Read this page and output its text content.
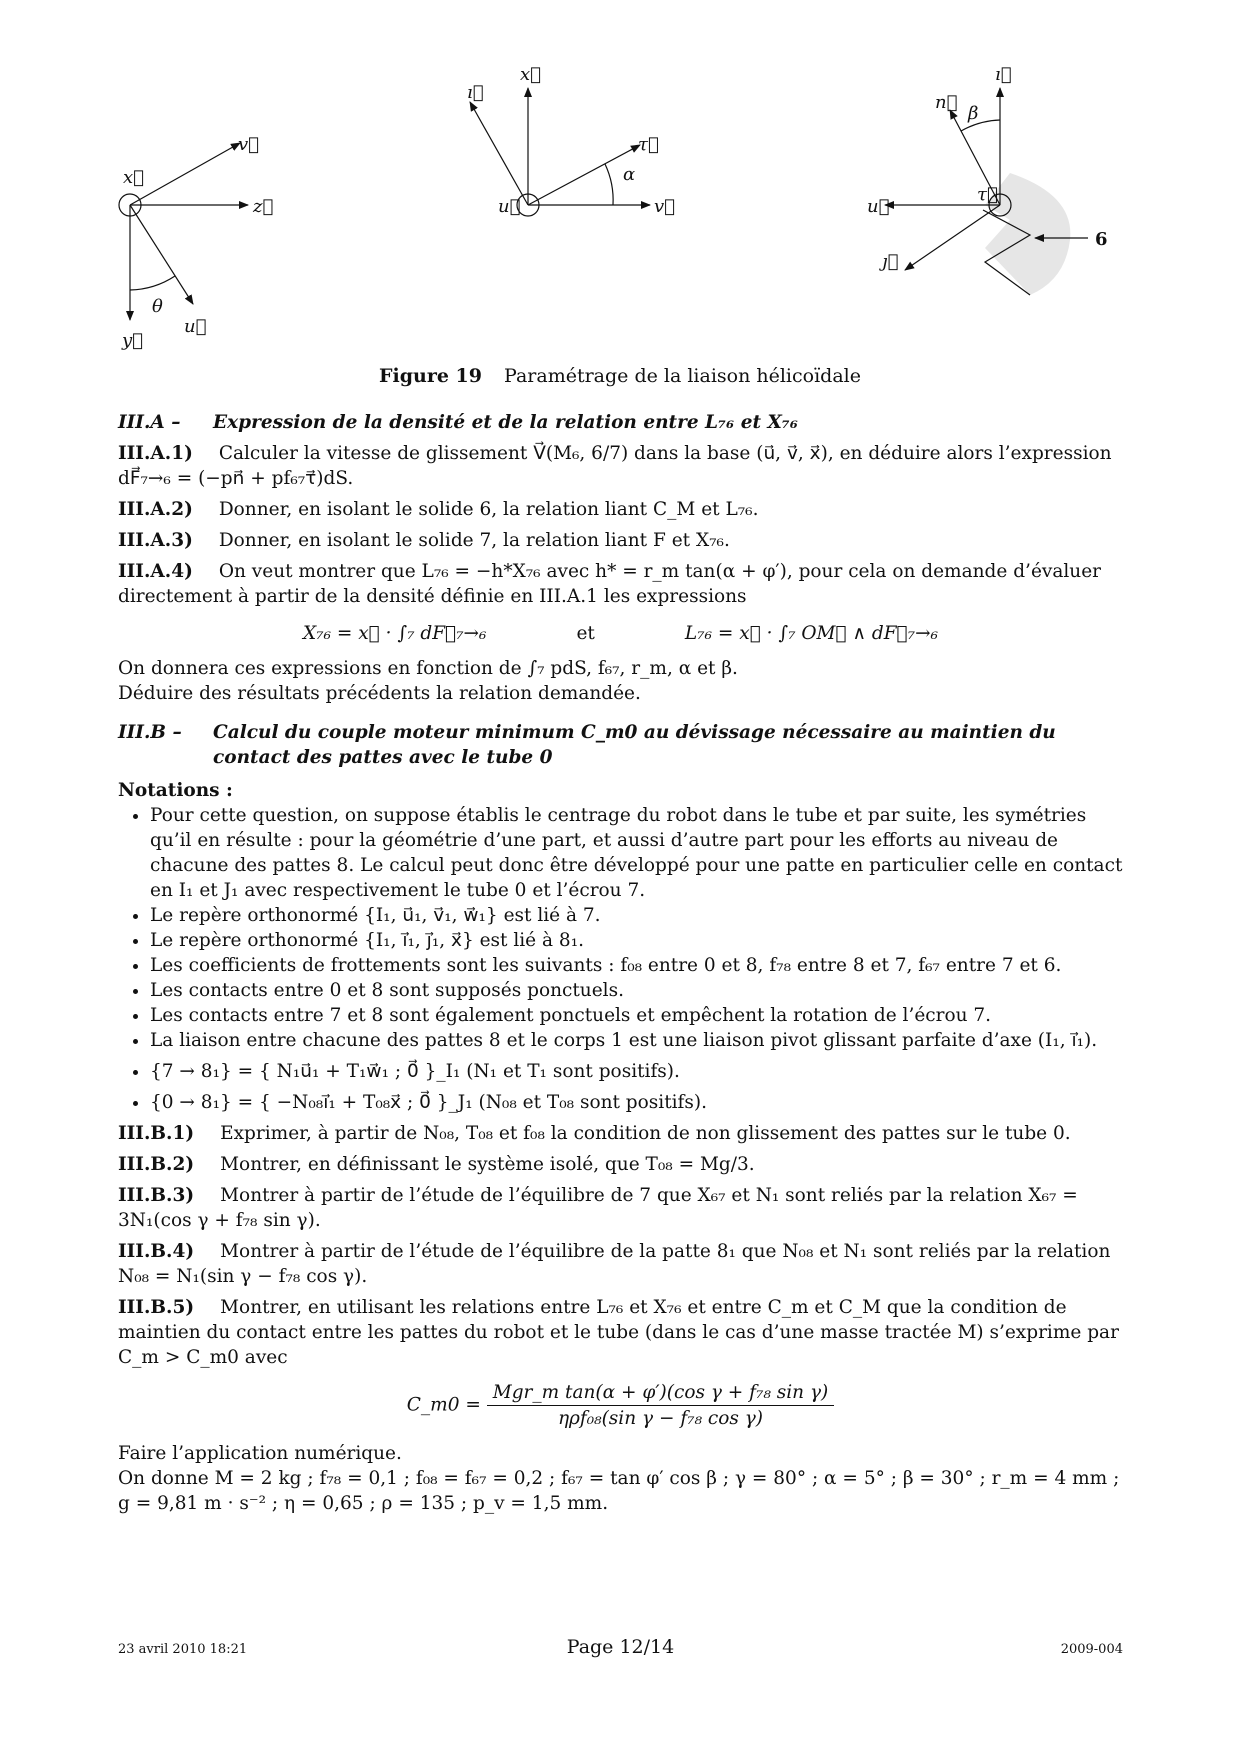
x⃗
v⃗
z⃗
θ
u⃗
y⃗
ı⃗
x⃗
τ⃗
α
u⃗	v⃗
n⃗
β
ı⃗
u⃗
τ⃗
ȷ⃗
6
Figure 19 Paramétrage de la liaison hélicoïdale
III.A –	Expression de la densité et de la relation entre L₇₆ et X₇₆
III.A.1) Calculer la vitesse de glissement V⃗(M₆, 6/7) dans la base (u⃗, v⃗, x⃗), en déduire alors l’expression dF⃗₇→₆ = (−pn⃗ + pf₆₇τ⃗)dS.
III.A.2) Donner, en isolant le solide 6, la relation liant C_M et L₇₆.
III.A.3) Donner, en isolant le solide 7, la relation liant F et X₇₆.
III.A.4) On veut montrer que L₇₆ = −h*X₇₆ avec h* = r_m tan(α + φ′), pour cela on demande d’évaluer directement à partir de la densité définie en III.A.1 les expressions
X₇₆ = x⃗ · ∫₇ dF⃗₇→₆	et	L₇₆ = x⃗ · ∫₇ OM⃗ ∧ dF⃗₇→₆
On donnera ces expressions en fonction de ∫₇ pdS, f₆₇, r_m, α et β.
Déduire des résultats précédents la relation demandée.
III.B –	Calcul du couple moteur minimum C_m0 au dévissage nécessaire au maintien du contact des pattes avec le tube 0
Notations :
• Pour cette question, on suppose établis le centrage du robot dans le tube et par suite, les symétries qu’il en résulte : pour la géométrie d’une part, et aussi d’autre part pour les efforts au niveau de chacune des pattes 8. Le calcul peut donc être développé pour une patte en particulier celle en contact en I₁ et J₁ avec respectivement le tube 0 et l’écrou 7.
• Le repère orthonormé {I₁, u⃗₁, v⃗₁, w⃗₁} est lié à 7.
• Le repère orthonormé {I₁, ı⃗₁, ȷ⃗₁, x⃗} est lié à 8₁.
• Les coefficients de frottements sont les suivants : f₀₈ entre 0 et 8, f₇₈ entre 8 et 7, f₆₇ entre 7 et 6.
• Les contacts entre 0 et 8 sont supposés ponctuels.
• Les contacts entre 7 et 8 sont également ponctuels et empêchent la rotation de l’écrou 7.
• La liaison entre chacune des pattes 8 et le corps 1 est une liaison pivot glissant parfaite d’axe (I₁, ı⃗₁).
• {7 → 8₁} = { N₁u⃗₁ + T₁w⃗₁ ; 0⃗ }_I₁ (N₁ et T₁ sont positifs).
• {0 → 8₁} = { −N₀₈ı⃗₁ + T₀₈x⃗ ; 0⃗ }_J₁ (N₀₈ et T₀₈ sont positifs).
III.B.1) Exprimer, à partir de N₀₈, T₀₈ et f₀₈ la condition de non glissement des pattes sur le tube 0.
III.B.2) Montrer, en définissant le système isolé, que T₀₈ = Mg/3.
III.B.3) Montrer à partir de l’étude de l’équilibre de 7 que X₆₇ et N₁ sont reliés par la relation X₆₇ = 3N₁(cos γ + f₇₈ sin γ).
III.B.4) Montrer à partir de l’étude de l’équilibre de la patte 8₁ que N₀₈ et N₁ sont reliés par la relation N₀₈ = N₁(sin γ − f₇₈ cos γ).
III.B.5) Montrer, en utilisant les relations entre L₇₆ et X₇₆ et entre C_m et C_M que la condition de maintien du contact entre les pattes du robot et le tube (dans le cas d’une masse tractée M) s’exprime par C_m > C_m0 avec
C_m0 = $\frac{\text{Mgr\_m tan(α + φ′)(cos γ + f₇₈ sin γ)}}{\text{ηρf₀₈(sin γ − f₇₈ cos γ)}}$
Faire l’application numérique.
On donne M = 2 kg ; f₇₈ = 0,1 ; f₀₈ = f₆₇ = 0,2 ; f₆₇ = tan φ′ cos β ; γ = 80° ; α = 5° ; β = 30° ; r_m = 4 mm ; g = 9,81 m · s⁻² ; η = 0,65 ; ρ = 135 ; p_v = 1,5 mm.
23 avril 2010 18:21	Page 12/14	2009-004
